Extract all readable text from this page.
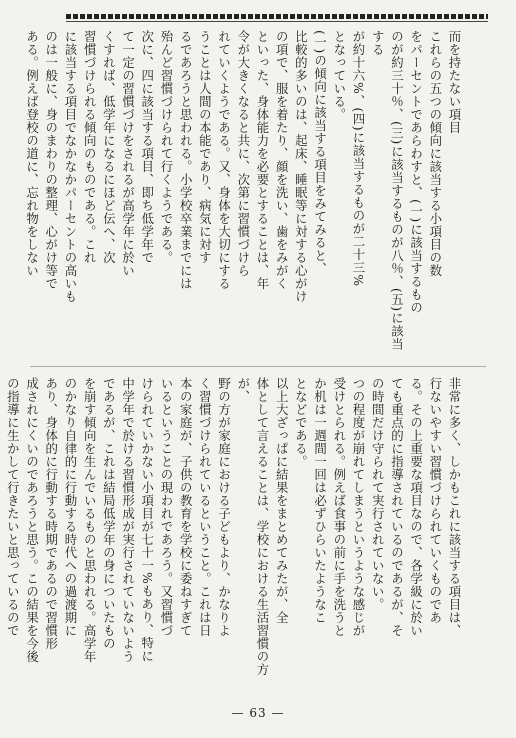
而を持たない項目

これらの五つの傾向に該当する小項目の数

をパーセントであらわすと、(一)に該当するもの

のが約三十％、(三)に該当するものが八％、(五)に該当する

が約十六%、(四)に該当するものが二十三%

となっている。

(一)の傾向に該当する項目をみてみると、

比較的多いのは、起床、睡眠等に対する心がけ

の項で、服を着たり、顔を洗い、歯をみがく

といった、身体能力を必要とすることは、年

令が大きくなると共に、次第に習慣づけら

れていくようである。又、身体を大切にする

うことは人間の本能であり、病気に対す

るであろうと思われる。小学校卒業までには

殆んど習慣づけられて行くようである。

次に、四に該当する項目、即ち低学年で

て一定の習慣づけをされるが高学年に於い

くすれば、低学年になるにほど伝へ、次

習慣づけられる傾向のものである。これ

に該当する項目でなかなかパーセントの高いも

のは一般に、身のまわりの整理、心がけ等で

ある。例えば登校の道に、忘れ物をしない

非常に多く、しかもこれに該当する項目は、

行ないやすい習慣づけられていくものであ

る。その上重要な項目なので、各学級に於い

ても重点的に指導されているのであるが、そ

の時間だけ守られて実行されていない。

つの程度が崩れてしまうというような感じが

受けとられる。例えば食事の前に手を洗うと

か机は一週間一回は必ずひらいたようなこ

となどである。

以上大ざっぱに結果をまとめてみたが、全

体として言えることは、学校における生活習慣の方が、

野の方が家庭における子どもより、かなりよ

く習慣づけられているということ。これは日

本の家庭が、子供の教育を学校に委ねすぎて

いるということの現われであろう。又習慣づ

けられていかない小項目が七十一%もあり、特に

中学年で於ける習慣形成が実行されていないよう

であるが、これは結局低学年の身についたもの

を崩す傾向を生んでいるものと思われる。高学年

のかなり自律的に行動する時代への過渡期に

あり、身体的に行動する時期であるので習慣形

成されにくいのであろうと思う。この結果を今後

の指導に生かして行きたいと思っているので

— 63 —
